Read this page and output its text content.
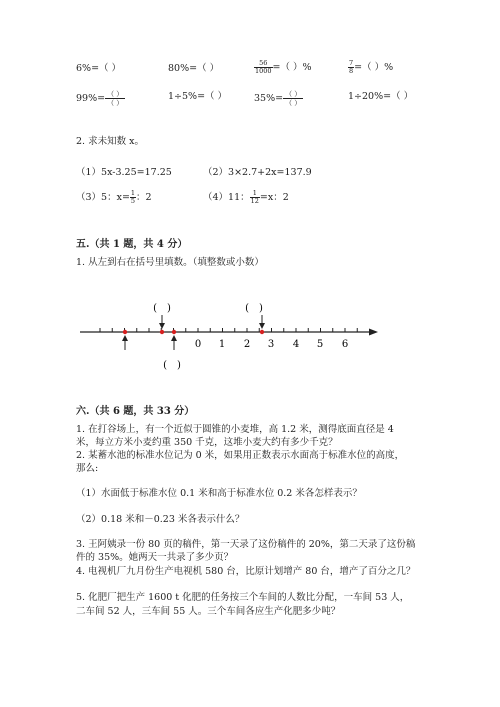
6%=（ ）	80%=（ ）	$\frac{56}{1000}$ =（ ）%	$\frac{7}{8}$ =（ ）%
$99\%= \frac{( )}{( )}$	1÷5%=（ ）	$35\%= \frac{( )}{( )}$	1÷20%=（ ）
2. 求未知数 x。
（1）5x-3.25=17.25	（2）3×2.7+2x=137.9
（3）5：$x= \frac{1}{5}$ ：2	（4）11： $\frac{1}{12} =x$：2
五.（共 1 题，共 4 分）
1. 从左到右在括号里填数。（填整数或小数）
0 1 2 3 4 5 6
(　)	(　)
(　)
六.（共 6 题，共 33 分）
1. 在打谷场上，有一个近似于圆锥的小麦堆，高 1.2 米，测得底面直径是 4
米，每立方米小麦约重 350 千克，这堆小麦大约有多少千克？
2. 某蓄水池的标准水位记为 0 米，如果用正数表示水面高于标准水位的高度，
那么:
（1）水面低于标准水位 0.1 米和高于标准水位 0.2 米各怎样表示？
（2）0.18 米和－0.23 米各表示什么？
3. 王阿姨录一份 80 页的稿件，第一天录了这份稿件的 20%，第二天录了这份稿
件的 35%。她两天一共录了多少页？
4. 电视机厂九月份生产电视机 580 台，比原计划增产 80 台，增产了百分之几？
5. 化肥厂把生产 1600 t 化肥的任务按三个车间的人数比分配，一车间 53 人，
二车间 52 人，三车间 55 人。三个车间各应生产化肥多少吨？
